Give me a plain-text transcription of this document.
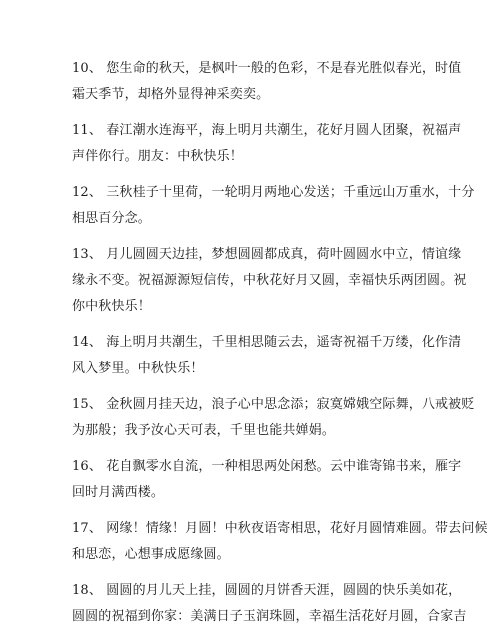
10、 您生命的秋天，是枫叶一般的色彩，不是春光胜似春光，时值
霜天季节，却格外显得神采奕奕。
11、 春江潮水连海平，海上明月共潮生，花好月圆人团聚，祝福声
声伴你行。朋友：中秋快乐！
12、 三秋桂子十里荷，一轮明月两地心发送；千重远山万重水，十分
相思百分念。
13、 月儿圆圆天边挂，梦想圆圆都成真，荷叶圆圆水中立，情谊缘
缘永不变。祝福源源短信传，中秋花好月又圆，幸福快乐两团圆。祝
你中秋快乐！
14、 海上明月共潮生，千里相思随云去，遥寄祝福千万缕，化作清
风入梦里。中秋快乐！
15、 金秋圆月挂天边，浪子心中思念添；寂寞嫦娥空际舞，八戒被贬
为那般；我予汝心天可表，千里也能共婵娟。
16、 花自飘零水自流，一种相思两处闲愁。云中谁寄锦书来，雁字
回时月满西楼。
17、 网缘！情缘！月圆！中秋夜语寄相思，花好月圆情难圆。带去问候
和思恋，心想事成愿缘圆。
18、 圆圆的月儿天上挂，圆圆的月饼香天涯，圆圆的快乐美如花，
圆圆的祝福到你家：美满日子玉润珠圆，幸福生活花好月圆，合家吉
